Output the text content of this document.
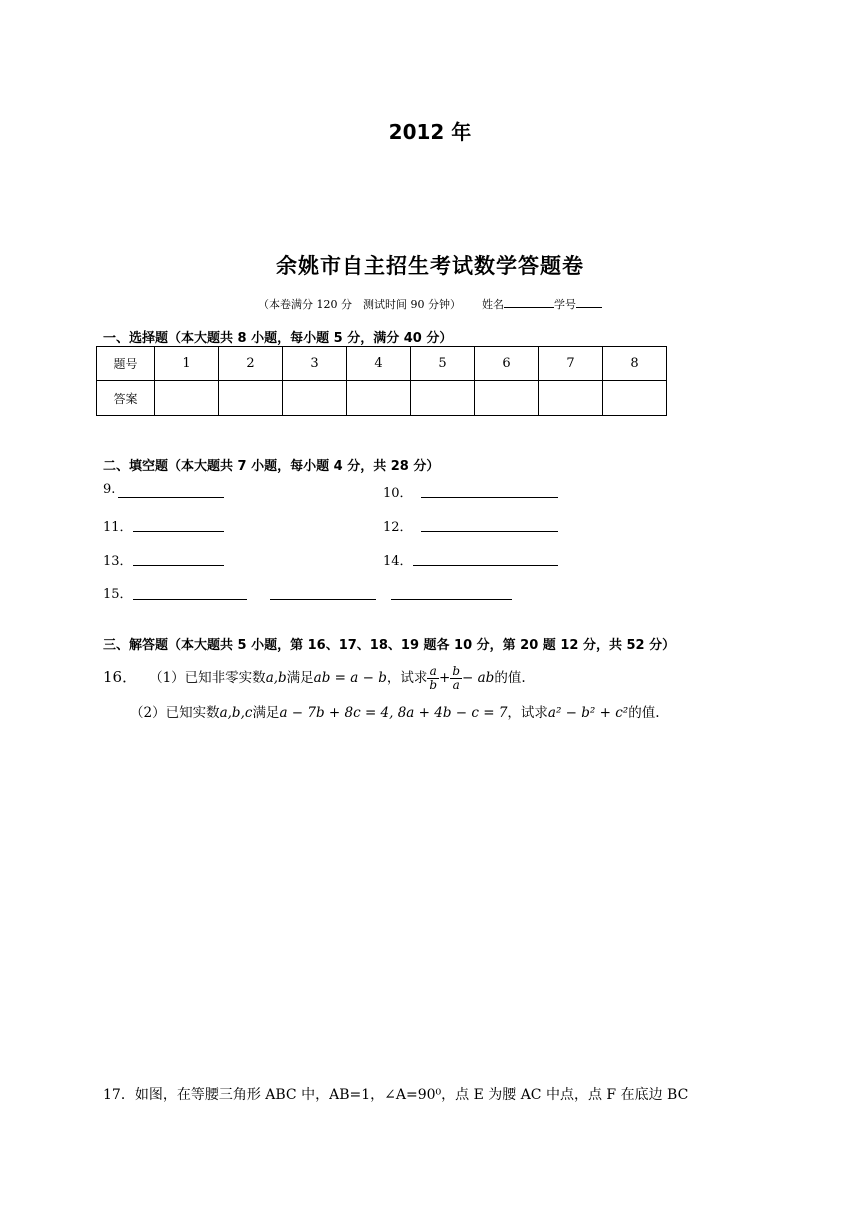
2012 年
余姚市自主招生考试数学答题卷
（本卷满分 120 分　测试时间 90 分钟） 姓名	学号
一、选择题（本大题共 8 小题，每小题 5 分，满分 40 分）
题号	1	2	3	4	5	6	7	8
答案								
二、填空题（本大题共 7 小题，每小题 4 分，共 28 分）
9.	10．
11．	12．
13．	14．
15．
三、解答题（本大题共 5 小题，第 16、17、18、19 题各 10 分，第 20 题 12 分，共 52 分）
16． （1）已知非零实数a,b满足ab = a − b，试求 $\frac{a}{b} + \frac{b}{a}$ − ab的值.
（2）已知实数a,b,c满足a − 7b + 8c = 4, 8a + 4b − c = 7，试求a² − b² + c²的值.
17．如图，在等腰三角形 ABC 中，AB=1，∠A=90⁰，点 E 为腰 AC 中点，点 F 在底边 BC
